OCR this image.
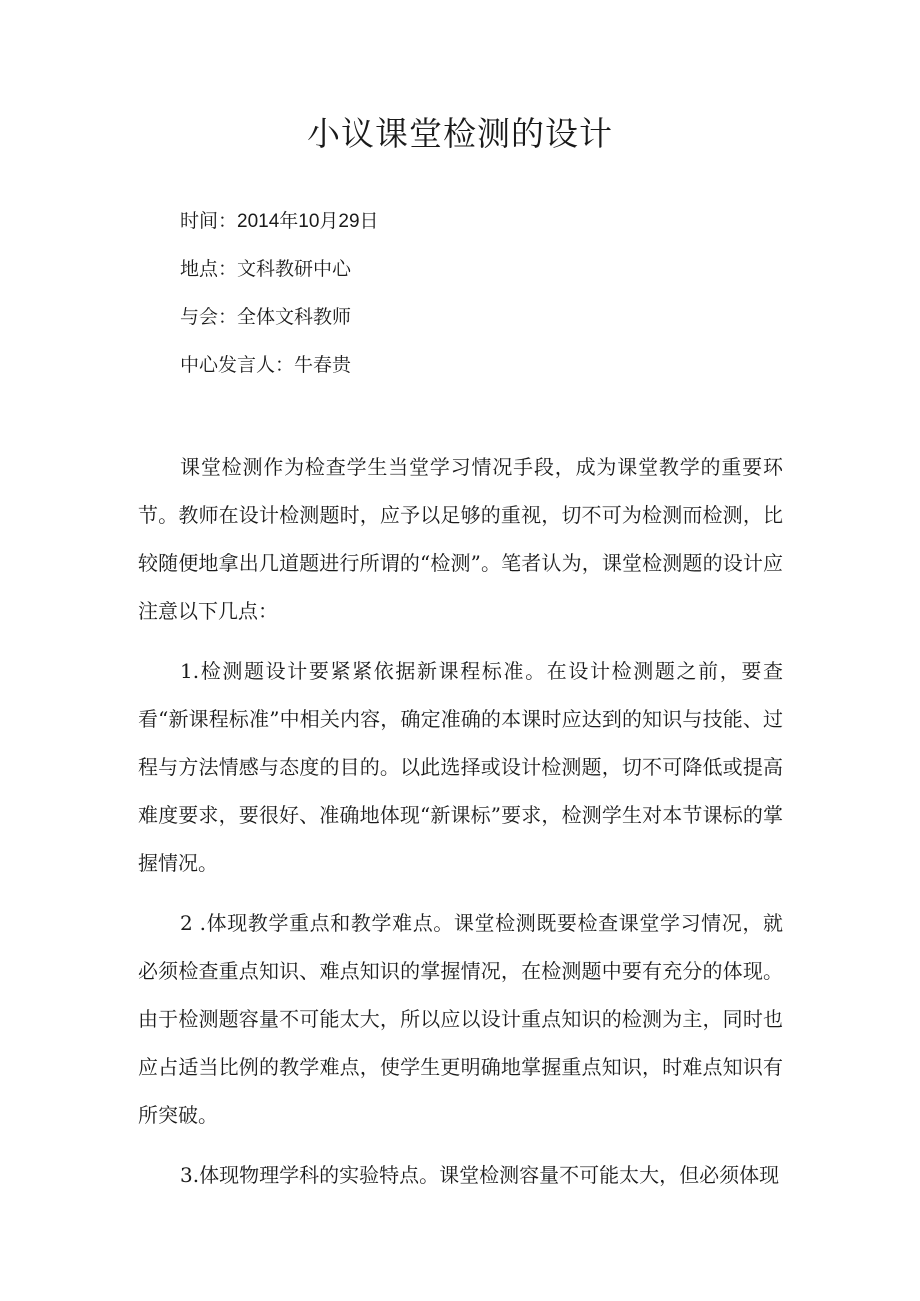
小议课堂检测的设计
时间：2014年10月29日
地点：文科教研中心
与会：全体文科教师
中心发言人：牛春贵

课堂检测作为检查学生当堂学习情况手段，成为课堂教学的重要环节。教师在设计检测题时，应予以足够的重视，切不可为检测而检测，比较随便地拿出几道题进行所谓的“检测”。笔者认为，课堂检测题的设计应注意以下几点：

1.检测题设计要紧紧依据新课程标准。在设计检测题之前，要查看“新课程标准”中相关内容，确定准确的本课时应达到的知识与技能、过程与方法情感与态度的目的。以此选择或设计检测题，切不可降低或提高难度要求，要很好、准确地体现“新课标”要求，检测学生对本节课标的掌握情况。

2 .体现教学重点和教学难点。课堂检测既要检查课堂学习情况，就必须检查重点知识、难点知识的掌握情况，在检测题中要有充分的体现。由于检测题容量不可能太大，所以应以设计重点知识的检测为主，同时也应占适当比例的教学难点，使学生更明确地掌握重点知识，时难点知识有所突破。

3.体现物理学科的实验特点。课堂检测容量不可能太大，但必须体现
